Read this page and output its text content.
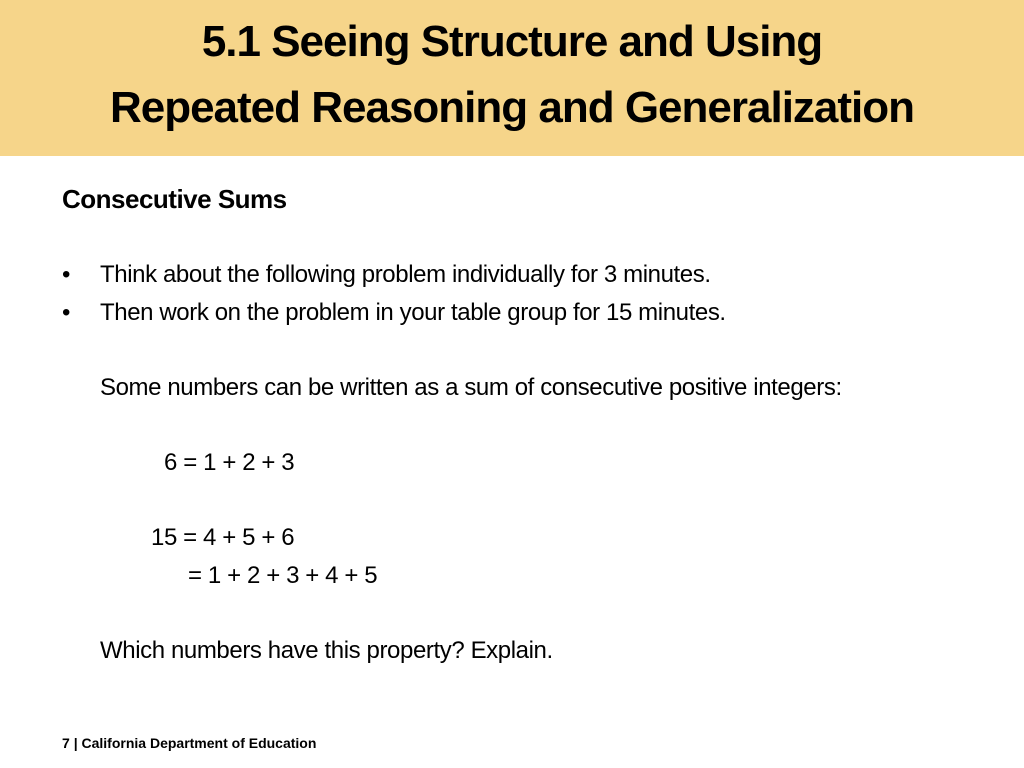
5.1 Seeing Structure and Using
Repeated Reasoning and Generalization
Consecutive Sums
• Think about the following problem individually for 3 minutes.
• Then work on the problem in your table group for 15 minutes.
Some numbers can be written as a sum of consecutive positive integers:
6 = 1 + 2 + 3
15 = 4 + 5 + 6
= 1 + 2 + 3 + 4 + 5
Which numbers have this property? Explain.
7 | California Department of Education
